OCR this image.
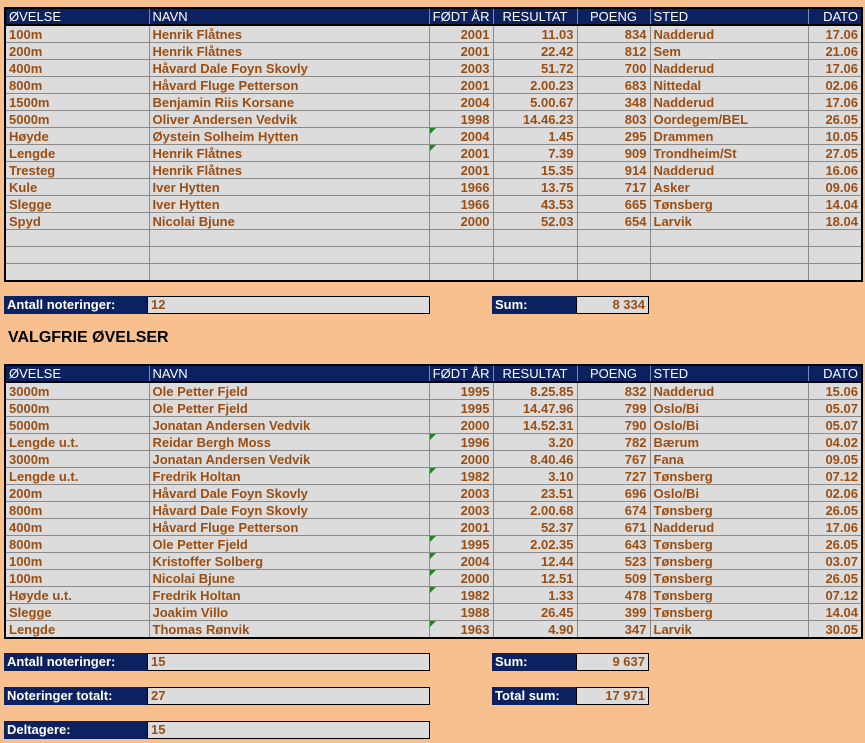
ØVELSE	NAVN	FØDT ÅR	RESULTAT	POENG	STED	DATO
100m	Henrik Flåtnes	2001	11.03	834	Nadderud	17.06
200m	Henrik Flåtnes	2001	22.42	812	Sem	21.06
400m	Håvard Dale Foyn Skovly	2003	51.72	700	Nadderud	17.06
800m	Håvard Fluge Petterson	2001	2.00.23	683	Nittedal	02.06
1500m	Benjamin Riis Korsane	2004	5.00.67	348	Nadderud	17.06
5000m	Oliver Andersen Vedvik	1998	14.46.23	803	Oordegem/BEL	26.05
Høyde	Øystein Solheim Hytten	2004	1.45	295	Drammen	10.05
Lengde	Henrik Flåtnes	2001	7.39	909	Trondheim/St	27.05
Tresteg	Henrik Flåtnes	2001	15.35	914	Nadderud	16.06
Kule	Iver Hytten	1966	13.75	717	Asker	09.06
Slegge	Iver Hytten	1966	43.53	665	Tønsberg	14.04
Spyd	Nicolai Bjune	2000	52.03	654	Larvik	18.04

Antall noteringer:	12	Sum:	8 334
VALGFRIE ØVELSER
ØVELSE	NAVN	FØDT ÅR	RESULTAT	POENG	STED	DATO
3000m	Ole Petter Fjeld	1995	8.25.85	832	Nadderud	15.06
5000m	Ole Petter Fjeld	1995	14.47.96	799	Oslo/Bi	05.07
5000m	Jonatan Andersen Vedvik	2000	14.52.31	790	Oslo/Bi	05.07
Lengde u.t.	Reidar Bergh Moss	1996	3.20	782	Bærum	04.02
3000m	Jonatan Andersen Vedvik	2000	8.40.46	767	Fana	09.05
Lengde u.t.	Fredrik Holtan	1982	3.10	727	Tønsberg	07.12
200m	Håvard Dale Foyn Skovly	2003	23.51	696	Oslo/Bi	02.06
800m	Håvard Dale Foyn Skovly	2003	2.00.68	674	Tønsberg	26.05
400m	Håvard Fluge Petterson	2001	52.37	671	Nadderud	17.06
800m	Ole Petter Fjeld	1995	2.02.35	643	Tønsberg	26.05
100m	Kristoffer Solberg	2004	12.44	523	Tønsberg	03.07
100m	Nicolai Bjune	2000	12.51	509	Tønsberg	26.05
Høyde u.t.	Fredrik Holtan	1982	1.33	478	Tønsberg	07.12
Slegge	Joakim Villo	1988	26.45	399	Tønsberg	14.04
Lengde	Thomas Rønvik	1963	4.90	347	Larvik	30.05
Antall noteringer:	15	Sum:	9 637
Noteringer totalt:	27	Total sum:	17 971
Deltagere:	15
